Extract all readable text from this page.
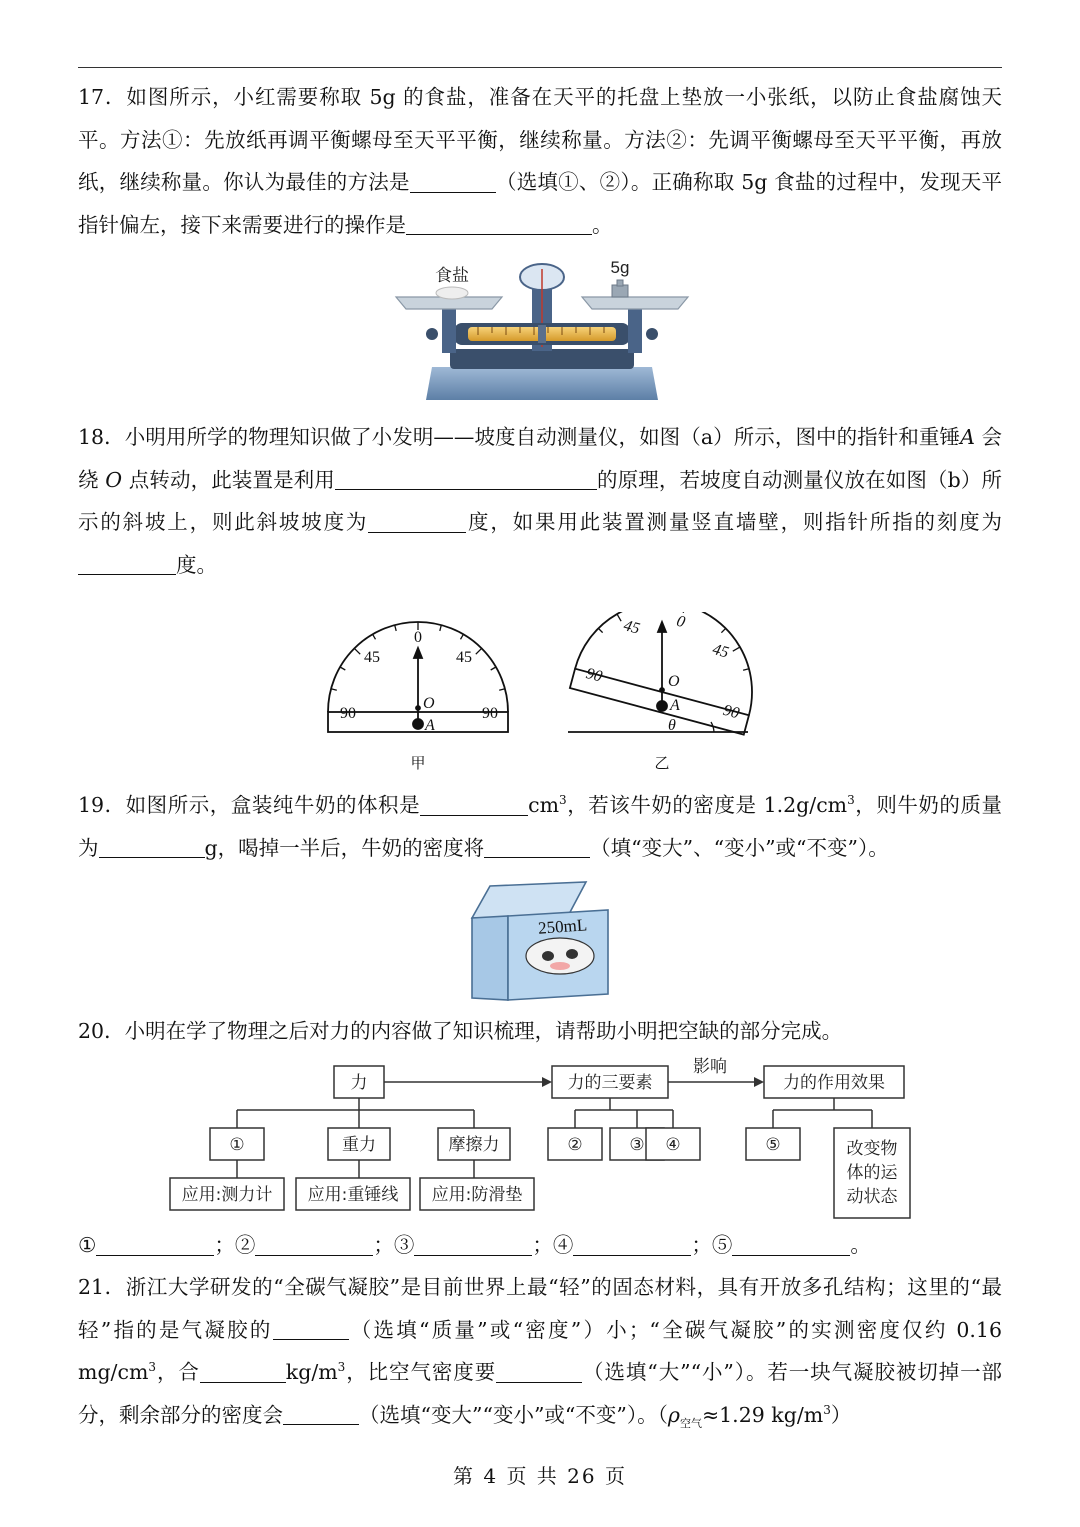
17．如图所示，小红需要称取 5g 的食盐，准备在天平的托盘上垫放一小张纸，以防止食盐腐蚀天平。方法①：先放纸再调平衡螺母至天平平衡，继续称量。方法②：先调平衡螺母至天平平衡，再放纸，继续称量。你认为最佳的方法是	（选填①、②）。正确称取 5g 食盐的过程中，发现天平指针偏左，接下来需要进行的操作是	。
食盐	5g
18．小明用所学的物理知识做了小发明——坡度自动测量仪，如图（a）所示，图中的指针和重锤A 会绕 O 点转动，此装置是利用	的原理，若坡度自动测量仪放在如图（b）所示的斜坡上，则此斜坡坡度为	度，如果用此装置测量竖直墙壁，则指针所指的刻度为度。
0
45	45
90	90
O
A
甲	乙
90
90
45
45
0
O
A
θ
19．如图所示，盒装纯牛奶的体积是	$cm^3$，若该牛奶的密度是 $1.2g/cm^3$，则牛奶的质量为	g，喝掉一半后，牛奶的密度将	（填“变大”、“变小”或“不变”）。
250mL
20．小明在学了物理之后对力的内容做了知识梳理，请帮助小明把空缺的部分完成。
力	力的三要素
影响
力的作用效果
①	重力	摩擦力	②	③ ④	⑤	改变物
体的运
动状态
应用:测力计 应用:重锤线 应用:防滑垫
①	；②	；③	；④	；⑤	。
21．浙江大学研发的“全碳气凝胶”是目前世界上最“轻”的固态材料，具有开放多孔结构；这里的“最轻”指的是气凝胶的	（选填“质量”或“密度”）小；“全碳气凝胶”的实测密度仅约 0.16 $mg/cm^3$，合	$kg/m^3$，比空气密度要	（选填“大”“小”）。若一块气凝胶被切掉一部分，剩余部分的密度会	（选填“变大”“变小”或“不变”）。（$\rho_{空气}\approx 1.29$ $kg/m^3$）
第 4 页 共 26 页
